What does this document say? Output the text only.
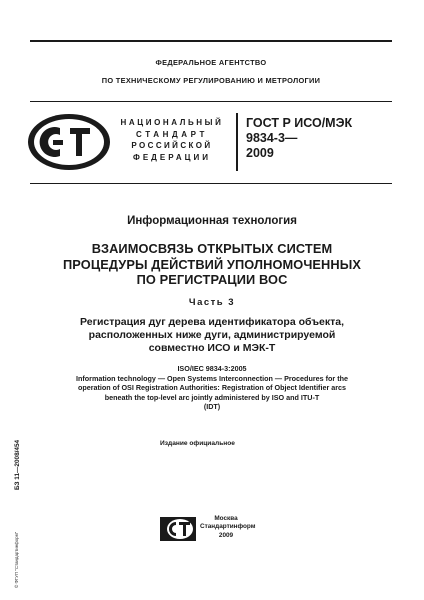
ФЕДЕРАЛЬНОЕ АГЕНТСТВО
ПО ТЕХНИЧЕСКОМУ РЕГУЛИРОВАНИЮ И МЕТРОЛОГИИ
НАЦИОНАЛЬНЫЙ
СТАНДАРТ
РОССИЙСКОЙ
ФЕДЕРАЦИИ
ГОСТ Р ИСО/МЭК
9834-3—
2009
Информационная технология
ВЗАИМОСВЯЗЬ ОТКРЫТЫХ СИСТЕМ
ПРОЦЕДУРЫ ДЕЙСТВИЙ УПОЛНОМОЧЕННЫХ
ПО РЕГИСТРАЦИИ ВОС
Часть 3
Регистрация дуг дерева идентификатора объекта,
расположенных ниже дуги, администрируемой
совместно ИСО и МЭК-Т
ISO/IEC 9834-3:2005
Information technology — Open Systems Interconnection — Procedures for the
operation of OSI Registration Authorities: Registration of Object Identifier arcs
beneath the top-level arc jointly administered by ISO and ITU-T
(IDT)
Издание официальное
БЗ 11—2008/454
© ФГУП "Стандартинформ"
Москва
Стандартинформ
2009
